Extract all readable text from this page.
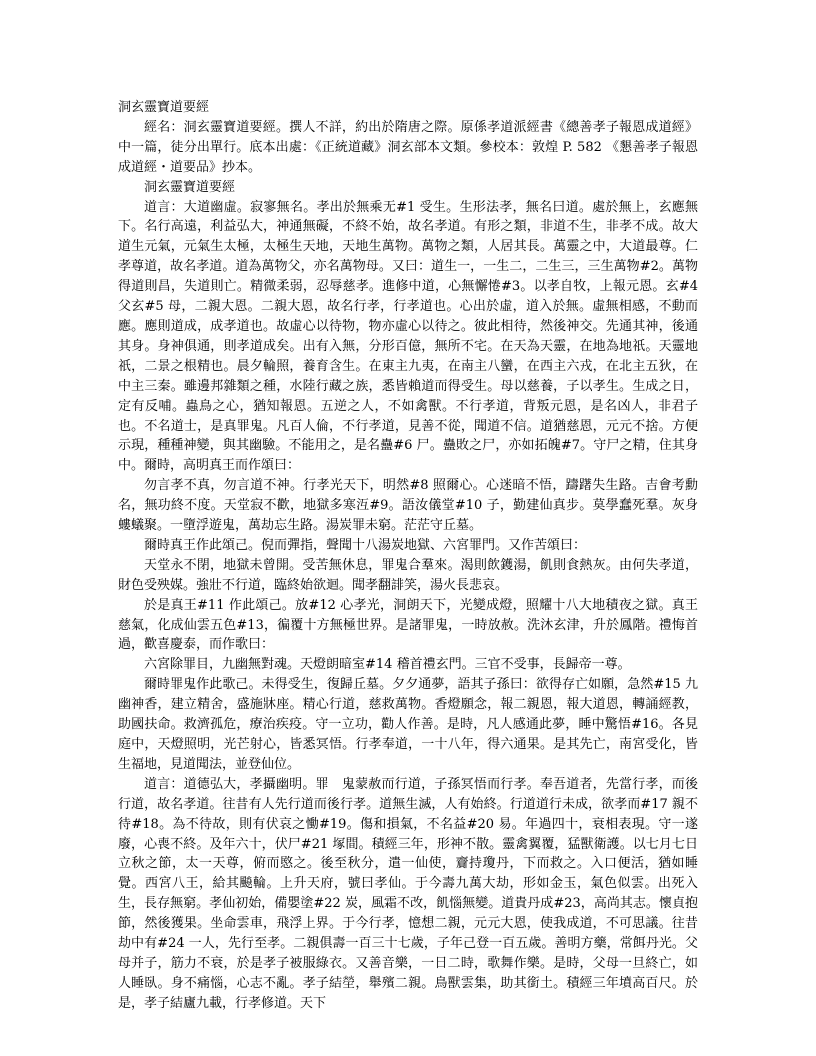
洞玄靈寶道要經

經名：洞玄靈寶道要經。撰人不詳，約出於隋唐之際。原係孝道派經書《總善孝子報恩成道經》中一篇，徒分出單行。底本出處：《正統道藏》洞玄部本文類。參校本：敦煌 P. 582 《懇善孝子報恩成道經・道要品》抄本。

洞玄靈寶道要經

道言：大道幽虛。寂寥無名。孝出於無乘无#1 受生。生形法孝，無名曰道。處於無上，玄應無下。名行高遠，利益弘大，神通無礙，不終不始，故名孝道。有形之類，非道不生，非孝不成。故大道生元氣，元氣生太極，太極生天地，天地生萬物。萬物之類，人居其長。萬靈之中，大道最尊。仁孝尊道，故名孝道。道為萬物父，亦名萬物母。又曰：道生一，一生二，二生三，三生萬物#2。萬物得道則昌，失道則亡。精微柔弱，忍辱慈孝。進修中道，心無懈惓#3。以孝自牧，上報元恩。玄#4 父玄#5 母，二親大恩。二親大恩，故名行孝，行孝道也。心出於虛，道入於無。虛無相感，不動而應。應則道成，成孝道也。故虛心以待物，物亦虛心以待之。彼此相待，然後神交。先通其神，後通其身。身神俱通，則孝道成矣。出有入無，分形百億，無所不宅。在天為天靈，在地為地祇。天靈地祇，二景之根精也。晨夕輪照，養育含生。在東主九夷，在南主八蠻，在西主六戎，在北主五狄，在中主三秦。雖邊邦雜類之種，水陸行藏之族，悉皆賴道而得受生。母以慈養，子以孝生。生成之日，定有反哺。蟲鳥之心，猶知報恩。五逆之人，不如禽獸。不行孝道，背叛元恩，是名凶人，非君子也。不名道士，是真罪鬼。凡百人倫，不行孝道，見善不從，聞道不信。道猶慈恩，元元不捨。方便示現，種種神變，與其幽驗。不能用之，是名蠱#6 尸。蠱敗之尸，亦如拓魄#7。守尸之精，住其身中。爾時，高明真王而作頌曰：

勿言孝不真，勿言道不神。行孝光天下，明然#8 照爾心。心迷暗不悟，躊躇失生路。吉會考勳名，無功終不度。天堂寂不歡，地獄多寒沍#9。語汝儀堂#10 子，勤建仙真步。莫學蠢死羣。灰身螻蟻聚。一墮浮遊鬼，萬劫忘生路。湯炭罪未窮。茫茫守丘墓。

爾時真王作此頌己。倪而彈指，聲聞十八湯炭地獄、六宮罪門。又作苦頌曰：

天堂永不閉，地獄未曾開。受苦無休息，罪鬼合羣來。渴則飲鑊湯，飢則食熱灰。由何失孝道，財色受殃媒。強壯不行道，臨終始欲迴。聞孝翻誹笑，湯火長悲哀。

於是真王#11 作此頌己。放#12 心孝光，洞朗天下，光變成燈，照耀十八大地積夜之獄。真王慈氣，化成仙雲五色#13，徧覆十方無極世界。是諸罪鬼，一時放赦。洗沐玄津，升於鳳階。禮悔首過，歡喜慶泰，而作歌曰：

六宮除罪目，九幽無對魂。天燈朗暗室#14 稽首禮玄門。三官不受事，長歸帝一尊。

爾時罪鬼作此歌己。未得受生，復歸丘墓。夕夕通夢，語其子孫曰：欲得存亡如願，急然#15 九幽神香，建立精舍，盛施牀座。精心行道，慈救萬物。香燈願念，報二親恩，報大道恩，轉誦經教，助國扶命。救濟孤危，療治疾疫。守一立功，勸人作善。是時，凡人感通此夢，睡中驚悟#16。各見庭中，天燈照明，光芒射心，皆悉冥悟。行孝奉道，一十八年，得六通果。是其先亡，南宮受化，皆生福地，見道聞法，並登仙位。

道言：道德弘大，孝攝幽明。罪　鬼蒙赦而行道，子孫冥悟而行孝。奉吾道者，先當行孝，而後行道，故名孝道。往昔有人先行道而後行孝。道無生滅，人有始終。行道道行未成，欲孝而#17 親不待#18。為不待故，則有伏哀之慟#19。傷和損氣，不名益#20 易。年過四十，衰相表現。守一遂廢，心喪不終。及年六十，伏尸#21 塚間。積經三年，形神不散。靈禽翼覆，猛獸衛護。以七月七日立秋之節，太一天尊，俯而愍之。後至秋分，遣一仙使，齎持瓊丹，下而救之。入口便活，猶如睡覺。西宮八王，給其飈輪。上升天府，號曰孝仙。于今壽九萬大劫，形如金玉，氣色似雲。出死入生，長存無窮。孝仙初始，備嬰塗#22 炭，風霜不改，飢惱無變。道貴丹成#23，高尚其志。懷貞抱節，然後獲果。坐命雲車，飛浮上界。于今行孝，憶想二親，元元大恩，使我成道，不可思議。往昔劫中有#24 一人，先行至孝。二親俱壽一百三十七歲，子年己登一百五歲。善明方藥，常餌丹光。父母并子，筋力不衰，於是孝子被服綠衣。又善音樂，一日二時，歌舞作樂。是時，父母一旦終亡，如人睡臥。身不痛惱，心志不亂。孝子結塋，舉殯二親。鳥獸雲集，助其銜土。積經三年墳高百尺。於是，孝子結廬九載，行孝修道。天下
